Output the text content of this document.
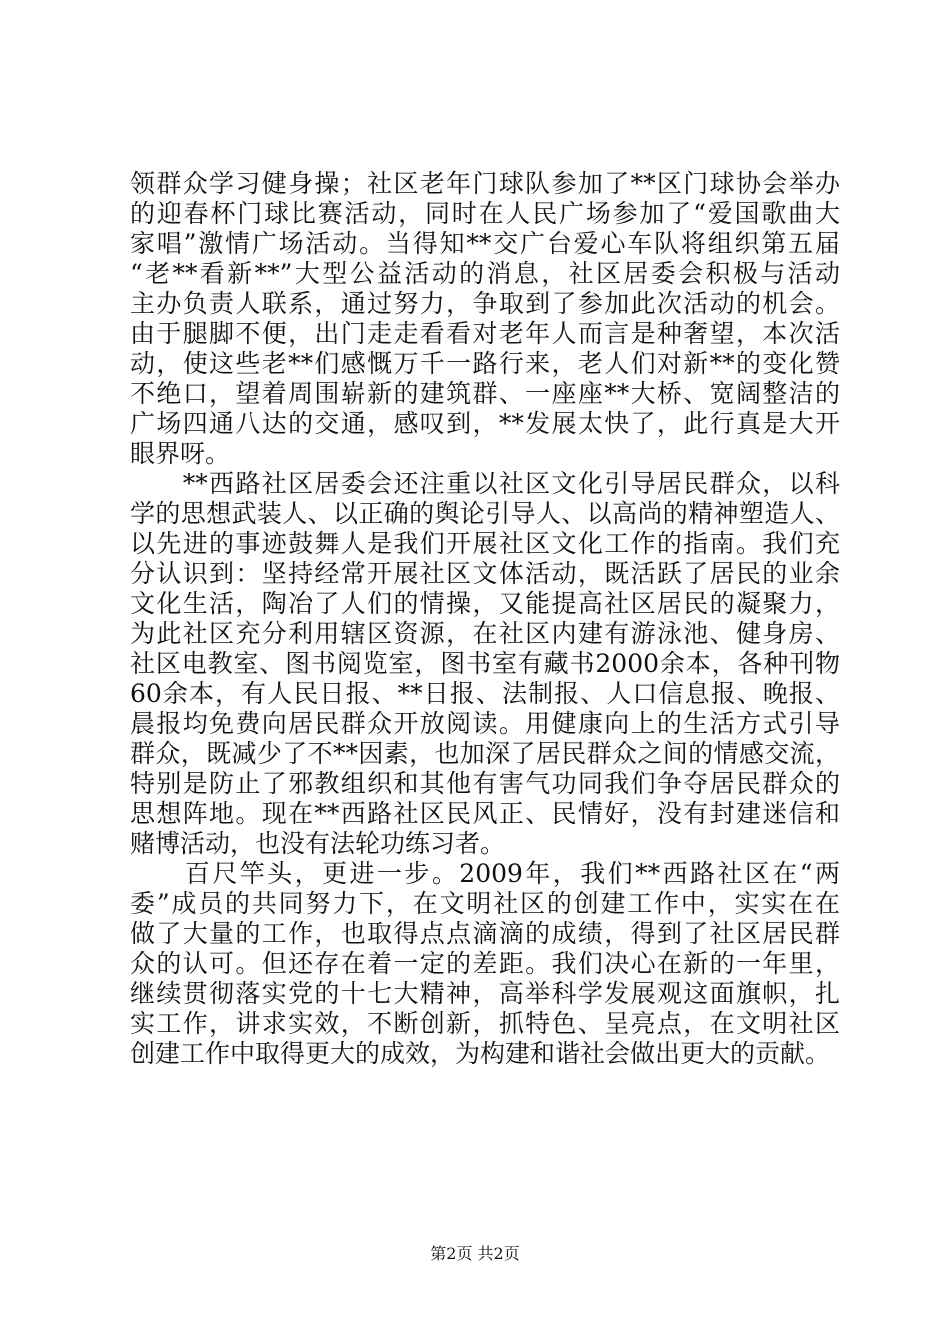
领群众学习健身操；社区老年门球队参加了**区门球协会举办
的迎春杯门球比赛活动，同时在人民广场参加了“爱国歌曲大
家唱”激情广场活动。当得知**交广台爱心车队将组织第五届
“老**看新**”大型公益活动的消息，社区居委会积极与活动
主办负责人联系，通过努力，争取到了参加此次活动的机会。
由于腿脚不便，出门走走看看对老年人而言是种奢望，本次活
动，使这些老**们感慨万千一路行来，老人们对新**的变化赞
不绝口，望着周围崭新的建筑群、一座座**大桥、宽阔整洁的
广场四通八达的交通，感叹到，**发展太快了，此行真是大开
眼界呀。
　　**西路社区居委会还注重以社区文化引导居民群众，以科
学的思想武装人、以正确的舆论引导人、以高尚的精神塑造人、
以先进的事迹鼓舞人是我们开展社区文化工作的指南。我们充
分认识到：坚持经常开展社区文体活动，既活跃了居民的业余
文化生活，陶冶了人们的情操，又能提高社区居民的凝聚力，
为此社区充分利用辖区资源，在社区内建有游泳池、健身房、
社区电教室、图书阅览室，图书室有藏书2000余本，各种刊物
60余本，有人民日报、**日报、法制报、人口信息报、晚报、
晨报均免费向居民群众开放阅读。用健康向上的生活方式引导
群众，既减少了不**因素，也加深了居民群众之间的情感交流，
特别是防止了邪教组织和其他有害气功同我们争夺居民群众的
思想阵地。现在**西路社区民风正、民情好，没有封建迷信和
赌博活动，也没有法轮功练习者。
　　百尺竿头，更进一步。2009年，我们**西路社区在“两
委”成员的共同努力下，在文明社区的创建工作中，实实在在
做了大量的工作，也取得点点滴滴的成绩，得到了社区居民群
众的认可。但还存在着一定的差距。我们决心在新的一年里，
继续贯彻落实党的十七大精神，高举科学发展观这面旗帜，扎
实工作，讲求实效，不断创新，抓特色、呈亮点，在文明社区
创建工作中取得更大的成效，为构建和谐社会做出更大的贡献。
第2页 共2页
